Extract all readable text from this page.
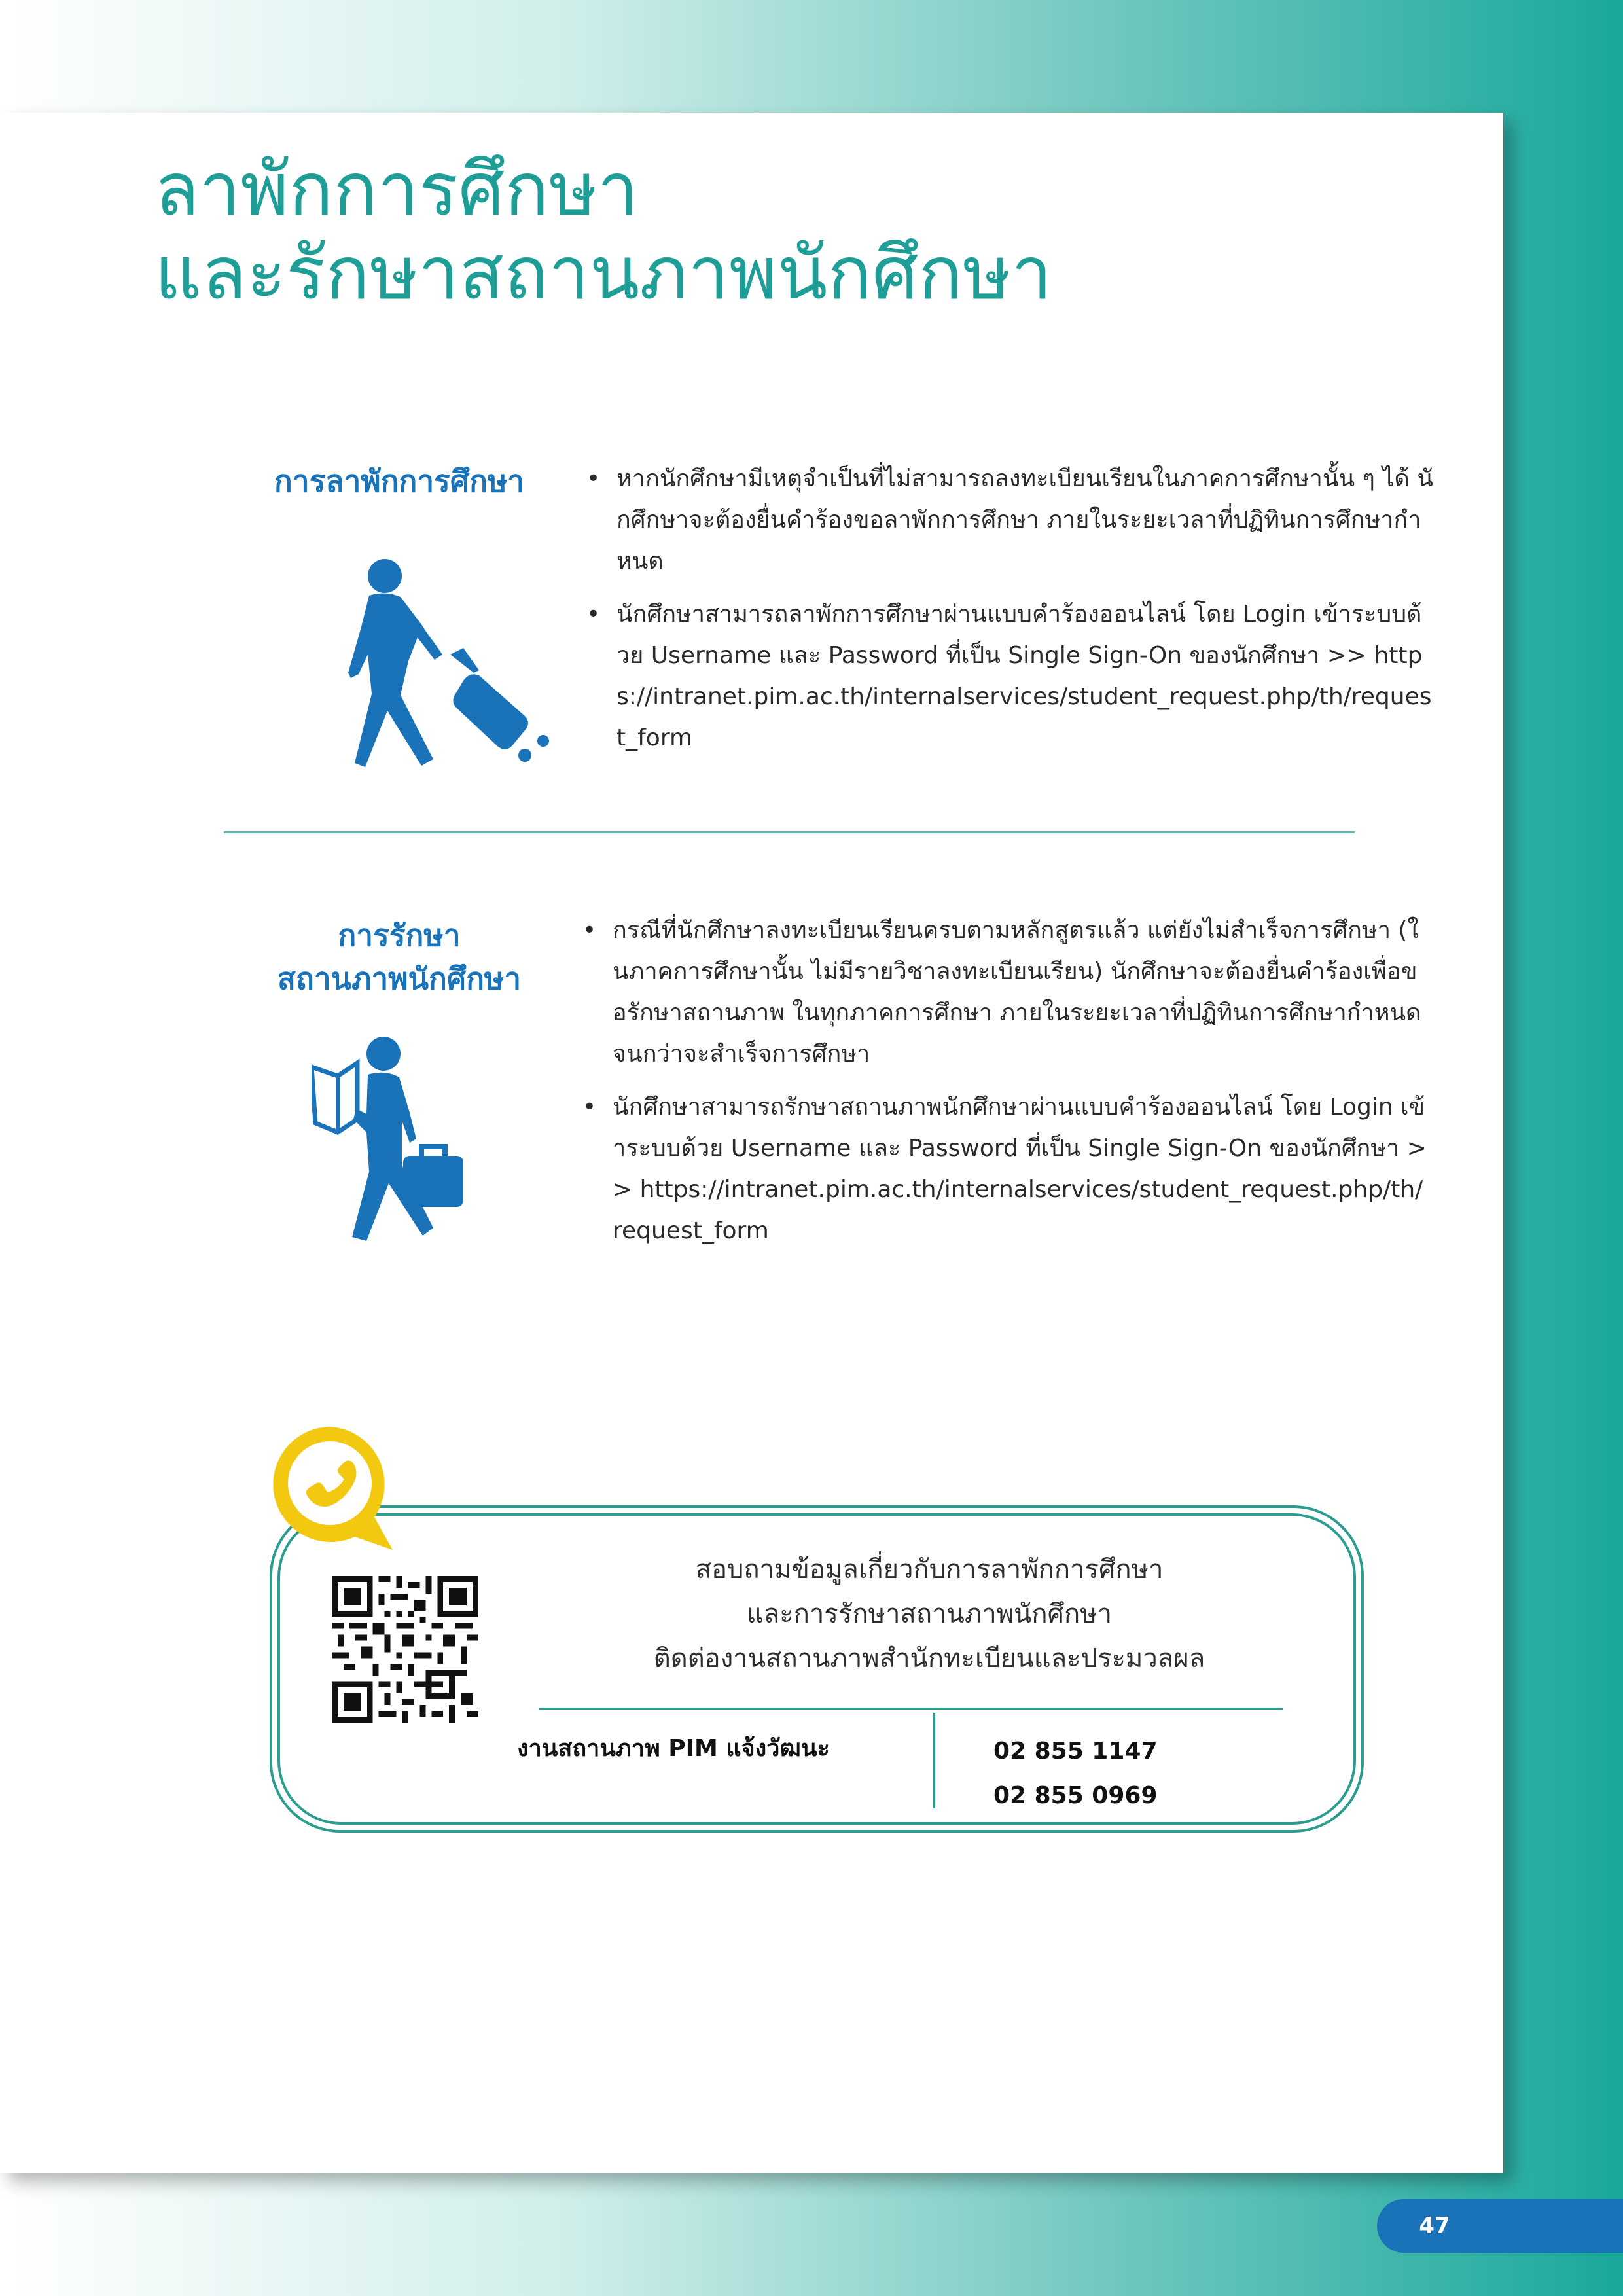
ลาพักการศึกษา
และรักษาสถานภาพนักศึกษา
การลาพักการศึกษา
•	หากนักศึกษามีเหตุจำเป็นที่ไม่สามารถลงทะเบียนเรียนในภาคการศึกษานั้น ๆ ได้ นักศึกษาจะต้องยื่นคำร้องขอลาพักการศึกษา ภายในระยะเวลาที่ปฏิทินการศึกษากำหนด
• นักศึกษาสามารถลาพักการศึกษาผ่านแบบคำร้องออนไลน์ โดย Login เข้าระบบด้วย Username และ Password ที่เป็น Single Sign-On ของนักศึกษา >> https://intranet.pim.ac.th/internalservices/student_request.php/th/request_form
การรักษา
สถานภาพนักศึกษา
• กรณีที่นักศึกษาลงทะเบียนเรียนครบตามหลักสูตรแล้ว แต่ยังไม่สำเร็จการศึกษา (ในภาคการศึกษานั้น ไม่มีรายวิชาลงทะเบียนเรียน) นักศึกษาจะต้องยื่นคำร้องเพื่อขอรักษาสถานภาพ ในทุกภาคการศึกษา ภายในระยะเวลาที่ปฏิทินการศึกษากำหนดจนกว่าจะสำเร็จการศึกษา
• นักศึกษาสามารถรักษาสถานภาพนักศึกษาผ่านแบบคำร้องออนไลน์ โดย Login เข้าระบบด้วย Username และ Password ที่เป็น Single Sign-On ของนักศึกษา >> https://intranet.pim.ac.th/internalservices/student_request.php/th/request_form

สอบถามข้อมูลเกี่ยวกับการลาพักการศึกษา
และการรักษาสถานภาพนักศึกษา
ติดต่องานสถานภาพสำนักทะเบียนและประมวลผล

งานสถานภาพ PIM แจ้งวัฒนะ	02 855 1147
02 855 0969
47
